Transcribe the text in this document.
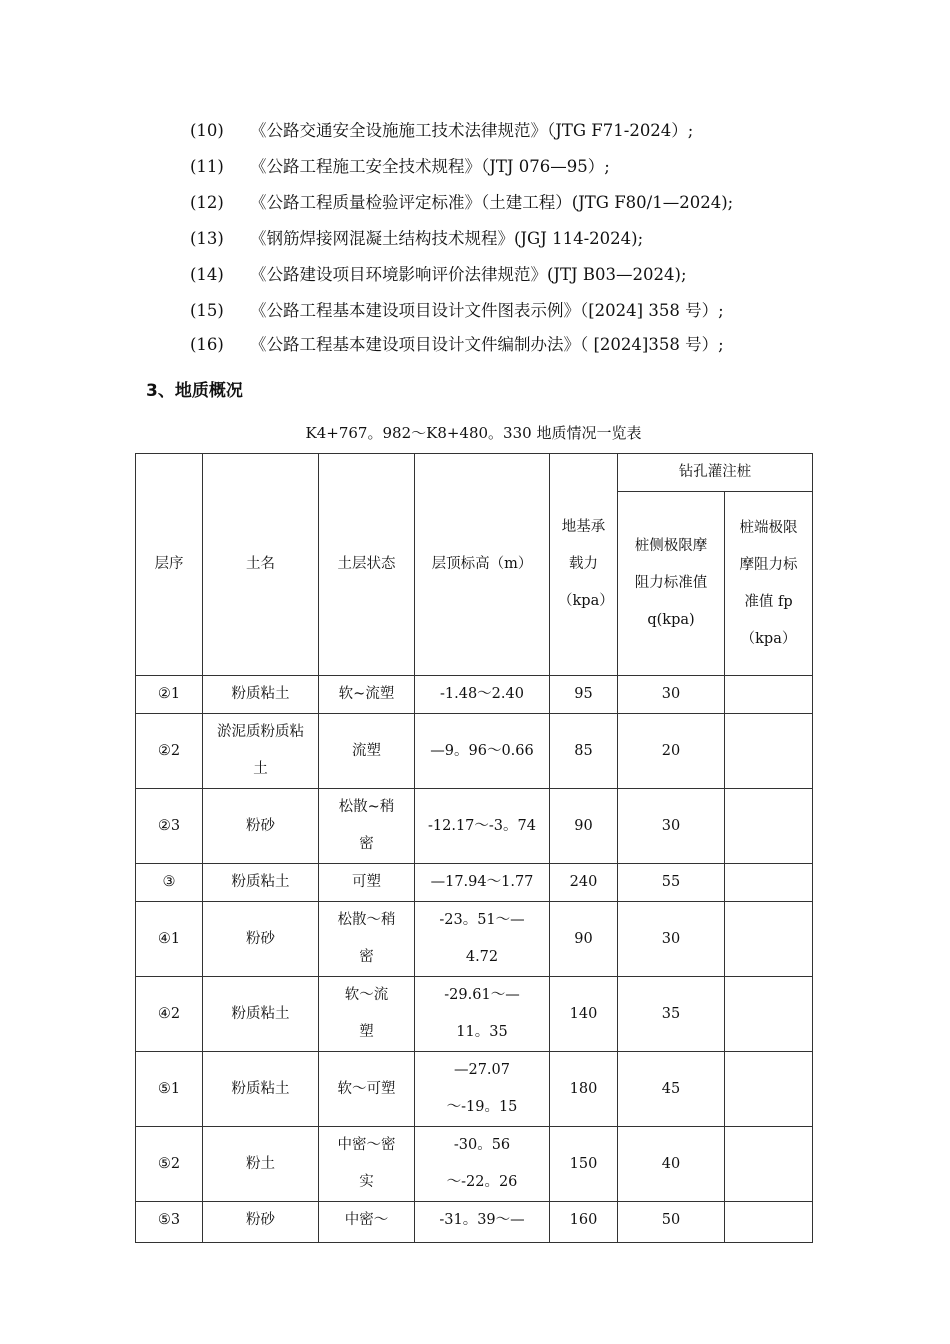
(10) 《公路交通安全设施施工技术法律规范》（JTG F71-2024）;
(11) 《公路工程施工安全技术规程》（JTJ 076—95）;
(12) 《公路工程质量检验评定标准》（土建工程）(JTG F80/1—2024);
(13) 《钢筋焊接网混凝土结构技术规程》(JGJ 114-2024);
(14) 《公路建设项目环境影响评价法律规范》(JTJ B03—2024);
(15) 《公路工程基本建设项目设计文件图表示例》（[2024] 358 号）;
(16) 《公路工程基本建设项目设计文件编制办法》（ [2024]358 号）;
3、地质概况
K4+767。982～K8+480。330 地质情况一览表
层序	土名	土层状态	层顶标高（m）	地基承载力（kpa）	钻孔灌注桩	
					桩侧极限摩阻力标准值 q(kpa)	桩端极限摩阻力标准值 fp（kpa）
②1	粉质粘土	软~流塑	-1.48～2.40	95	30	
②2	淤泥质粉质粘土	流塑	—9。96～0.66	85	20	
②3	粉砂	松散~稍密	-12.17～-3。74	90	30	
③	粉质粘土	可塑	—17.94～1.77	240	55	
④1	粉砂	松散～稍密	-23。51～—4.72	90	30	
④2	粉质粘土	软～流塑	-29.61～—11。35	140	35	
⑤1	粉质粘土	软～可塑	—27.07～-19。15	180	45	
⑤2	粉土	中密～密实	-30。56～-22。26	150	40	
⑤3	粉砂	中密～	-31。39～—	160	50	
